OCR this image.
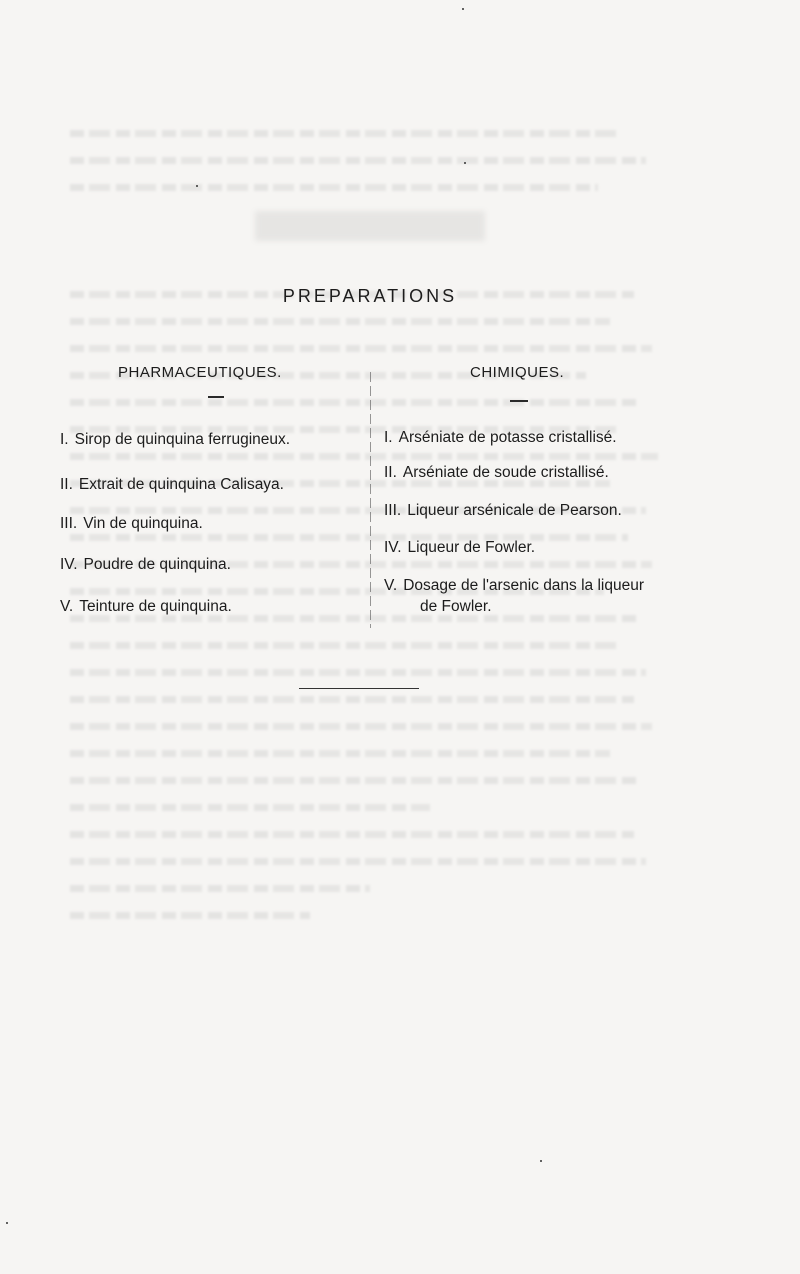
PREPARATIONS
PHARMACEUTIQUES.	CHIMIQUES.
I. Sirop de quinquina ferrugineux.
II. Extrait de quinquina Calisaya.
III. Vin de quinquina.
IV. Poudre de quinquina.
V. Teinture de quinquina.
I. Arséniate de potasse cristallisé.
II. Arséniate de soude cristallisé.
III. Liqueur arsénicale de Pearson.
IV. Liqueur de Fowler.
V. Dosage de l'arsenic dans la liqueur
de Fowler.
